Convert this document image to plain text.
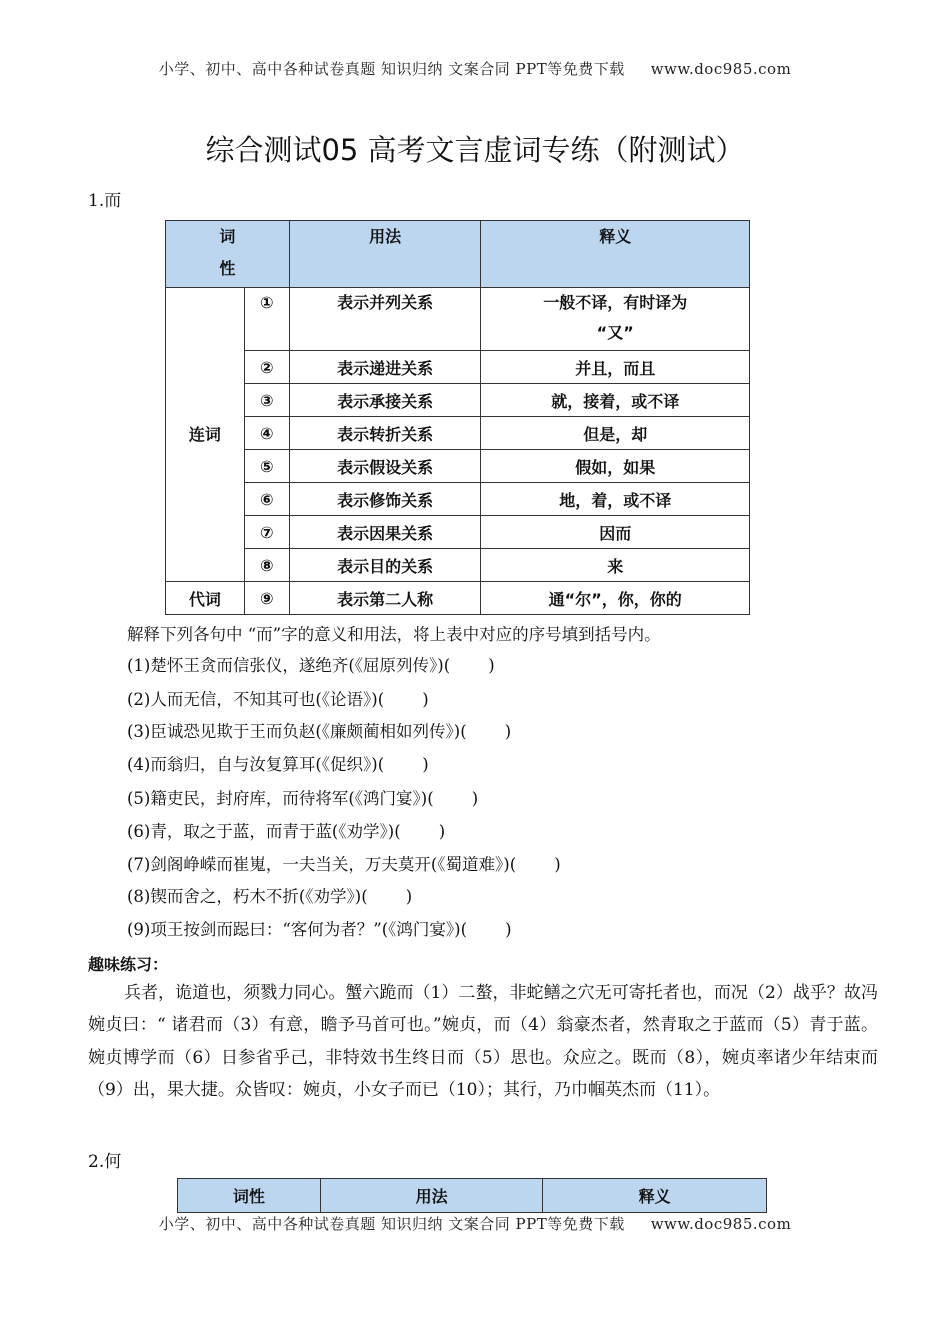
小学、初中、高中各种试卷真题 知识归纳 文案合同 PPT等免费下载 www.doc985.com
综合测试05 高考文言虚词专练（附测试）
1.而
词
性		用法	释义
连词	①	表示并列关系	一般不译，有时译为
“又”
	②	表示递进关系	并且，而且
	③	表示承接关系	就，接着，或不译
	④	表示转折关系	但是，却
	⑤	表示假设关系	假如，如果
	⑥	表示修饰关系	地，着，或不译
	⑦	表示因果关系	因而
	⑧	表示目的关系	来
代词	⑨	表示第二人称	通“尔”，你，你的
解释下列各句中 “而”字的意义和用法，将上表中对应的序号填到括号内。
(1)楚怀王贪而信张仪，遂绝齐(《屈原列传》)( )
(2)人而无信，不知其可也(《论语》)( )
(3)臣诚恐见欺于王而负赵(《廉颇蔺相如列传》)( )
(4)而翁归，自与汝复算耳(《促织》)( )
(5)籍吏民，封府库，而待将军(《鸿门宴》)( )
(6)青，取之于蓝，而青于蓝(《劝学》)( )
(7)剑阁峥嵘而崔嵬，一夫当关，万夫莫开(《蜀道难》)( )
(8)锲而舍之，朽木不折(《劝学》)( )
(9)项王按剑而跽曰：“客何为者？”(《鸿门宴》)( )
趣味练习：
兵者，诡道也，须戮力同心。蟹六跪而（1）二螯，非蛇鳝之穴无可寄托者也，而况（2）战乎？故冯婉贞曰：“ 诸君而（3）有意，瞻予马首可也。”婉贞，而（4）翁豪杰者，然青取之于蓝而（5）青于蓝。婉贞博学而（6）日参省乎己，非特效书生终日而（5）思也。众应之。既而（8），婉贞率诸少年结束而（9）出，果大捷。众皆叹：婉贞，小女子而已（10）；其行，乃巾帼英杰而（11）。
2.何
词性	用法	释义
小学、初中、高中各种试卷真题 知识归纳 文案合同 PPT等免费下载 www.doc985.com
